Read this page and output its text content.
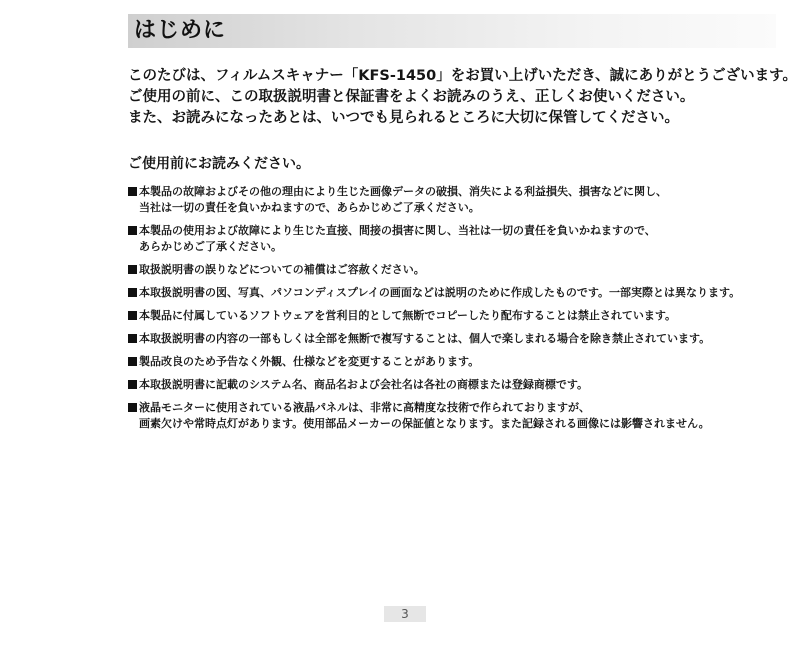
はじめに

このたびは、フィルムスキャナー「KFS-1450」をお買い上げいただき、誠にありがとうございます。

ご使用の前に、この取扱説明書と保証書をよくお読みのうえ、正しくお使いください。

また、お読みになったあとは、いつでも見られるところに大切に保管してください。

ご使用前にお読みください。
本製品の故障およびその他の理由により生じた画像データの破損、消失による利益損失、損害などに関し、
当社は一切の責任を負いかねますので、あらかじめご了承ください。
本製品の使用および故障により生じた直接、間接の損害に関し、当社は一切の責任を負いかねますので、
あらかじめご了承ください。
取扱説明書の誤りなどについての補償はご容赦ください。
本取扱説明書の図、写真、パソコンディスプレイの画面などは説明のために作成したものです。一部実際とは異なります。
本製品に付属しているソフトウェアを営利目的として無断でコピーしたり配布することは禁止されています。
本取扱説明書の内容の一部もしくは全部を無断で複写することは、個人で楽しまれる場合を除き禁止されています。
製品改良のため予告なく外観、仕様などを変更することがあります。
本取扱説明書に記載のシステム名、商品名および会社名は各社の商標または登録商標です。
液晶モニターに使用されている液晶パネルは、非常に高精度な技術で作られておりますが、
画素欠けや常時点灯があります。使用部品メーカーの保証値となります。また記録される画像には影響されません。
3
